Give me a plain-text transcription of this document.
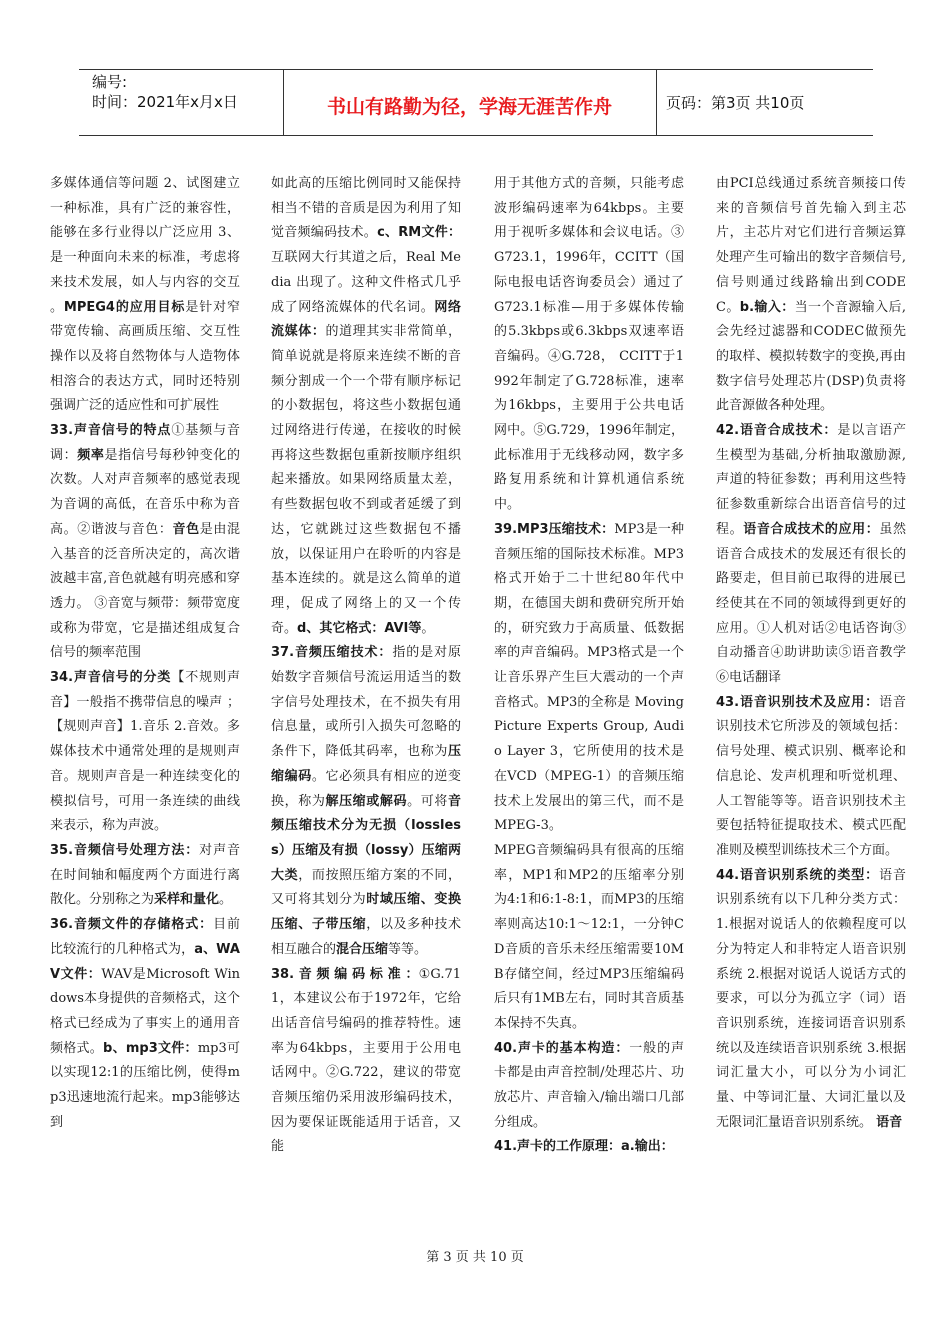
编号:
时间：2021年x月x日	书山有路勤为径，学海无涯苦作舟	页码：第3页 共10页
多媒体通信等问题 2、试图建立一种标准，具有广泛的兼容性，能够在多行业得以广泛应用 3、是一种面向未来的标准，考虑将来技术发展，如人与内容的交互 。MPEG4的应用目标是针对窄带宽传输、高画质压缩、交互性操作以及将自然物体与人造物体相溶合的表达方式，同时还特别强调广泛的适应性和可扩展性
33.声音信号的特点①基频与音调：频率是指信号每秒钟变化的次数。人对声音频率的感觉表现为音调的高低，在音乐中称为音高。②谐波与音色：音色是由混入基音的泛音所决定的，高次谐波越丰富,音色就越有明亮感和穿透力。 ③音宽与频带：频带宽度或称为带宽，它是描述组成复合信号的频率范围
34.声音信号的分类【不规则声音】一般指不携带信息的噪声 ；【规则声音】1.音乐 2.音效。多媒体技术中通常处理的是规则声音。规则声音是一种连续变化的模拟信号，可用一条连续的曲线来表示，称为声波。
35.音频信号处理方法：对声音在时间轴和幅度两个方面进行离散化。分别称之为采样和量化。
36.音频文件的存储格式：目前比较流行的几种格式为，a、WAV文件：WAV是Microsoft Windows本身提供的音频格式，这个格式已经成为了事实上的通用音频格式。b、mp3文件：mp3可以实现12:1的压缩比例，使得mp3迅速地流行起来。mp3能够达到
如此高的压缩比例同时又能保持相当不错的音质是因为利用了知觉音频编码技术。c、RM文件：互联网大行其道之后，Real Media 出现了。这种文件格式几乎成了网络流媒体的代名词。网络流媒体：的道理其实非常简单，简单说就是将原来连续不断的音频分割成一个一个带有顺序标记的小数据包，将这些小数据包通过网络进行传递，在接收的时候再将这些数据包重新按顺序组织起来播放。如果网络质量太差，有些数据包收不到或者延缓了到达，它就跳过这些数据包不播放，以保证用户在聆听的内容是基本连续的。就是这么简单的道理，促成了网络上的又一个传奇。d、其它格式：AVI等。
37.音频压缩技术：指的是对原始数字音频信号流运用适当的数字信号处理技术，在不损失有用信息量，或所引入损失可忽略的条件下，降低其码率，也称为压缩编码。它必须具有相应的逆变换，称为解压缩或解码。可将音频压缩技术分为无损（lossless）压缩及有损（lossy）压缩两大类，而按照压缩方案的不同，又可将其划分为时域压缩、变换压缩、子带压缩，以及多种技术相互融合的混合压缩等等。
38. 音 频 编 码 标 准 ：①G.711，本建议公布于1972年，它给出话音信号编码的推荐特性。速率为64kbps，主要用于公用电话网中。②G.722，建议的带宽音频压缩仍采用波形编码技术，因为要保证既能适用于话音，又能
用于其他方式的音频，只能考虑波形编码速率为64kbps。主要用于视听多媒体和会议电话。③G723.1，1996年，CCITT（国际电报电话咨询委员会）通过了G723.1标准—用于多媒体传输的5.3kbps或6.3kbps双速率语音编码。④G.728， CCITT于1992年制定了G.728标准，速率为16kbps，主要用于公共电话网中。⑤G.729，1996年制定，此标准用于无线移动网，数字多路复用系统和计算机通信系统中。
39.MP3压缩技术：MP3是一种音频压缩的国际技术标准。MP3格式开始于二十世纪80年代中期，在德国夫朗和费研究所开始的，研究致力于高质量、低数据率的声音编码。MP3格式是一个让音乐界产生巨大震动的一个声音格式。MP3的全称是 Moving Picture Experts Group, Audio Layer 3，它所使用的技术是在VCD（MPEG-1）的音频压缩技术上发展出的第三代，而不是MPEG-3。
MPEG音频编码具有很高的压缩率，MP1和MP2的压缩率分别为4:1和6:1-8:1，而MP3的压缩率则高达10:1～12:1，一分钟CD音质的音乐未经压缩需要10MB存储空间，经过MP3压缩编码后只有1MB左右，同时其音质基本保持不失真。
40.声卡的基本构造：一般的声卡都是由声音控制/处理芯片、功放芯片、声音输入/输出端口几部分组成。
41.声卡的工作原理：a.输出：
由PCI总线通过系统音频接口传来的音频信号首先输入到主芯片，主芯片对它们进行音频运算处理产生可输出的数字音频信号,信号则通过线路输出到CODEC。b.输入：当一个音源输入后,会先经过滤器和CODEC做预先的取样、模拟转数字的变换,再由数字信号处理芯片(DSP)负责将此音源做各种处理。
42.语音合成技术：是以言语产生模型为基础,分析抽取激励源,声道的特征参数；再利用这些特征参数重新综合出语音信号的过程。语音合成技术的应用：虽然语音合成技术的发展还有很长的路要走，但目前已取得的进展已经使其在不同的领域得到更好的应用。①人机对话②电话咨询③自动播音④助讲助读⑤语音教学⑥电话翻译
43.语音识别技术及应用：语音识别技术它所涉及的领域包括：信号处理、模式识别、概率论和信息论、发声机理和听觉机理、人工智能等等。语音识别技术主要包括特征提取技术、模式匹配准则及模型训练技术三个方面。
44.语音识别系统的类型：语音识别系统有以下几种分类方式： 1.根据对说话人的依赖程度可以分为特定人和非特定人语音识别系统 2.根据对说话人说话方式的要求，可以分为孤立字（词）语音识别系统，连接词语音识别系统以及连续语音识别系统 3.根据词汇量大小，可以分为小词汇量、中等词汇量、大词汇量以及无限词汇量语音识别系统。 语音
第 3 页 共 10 页
